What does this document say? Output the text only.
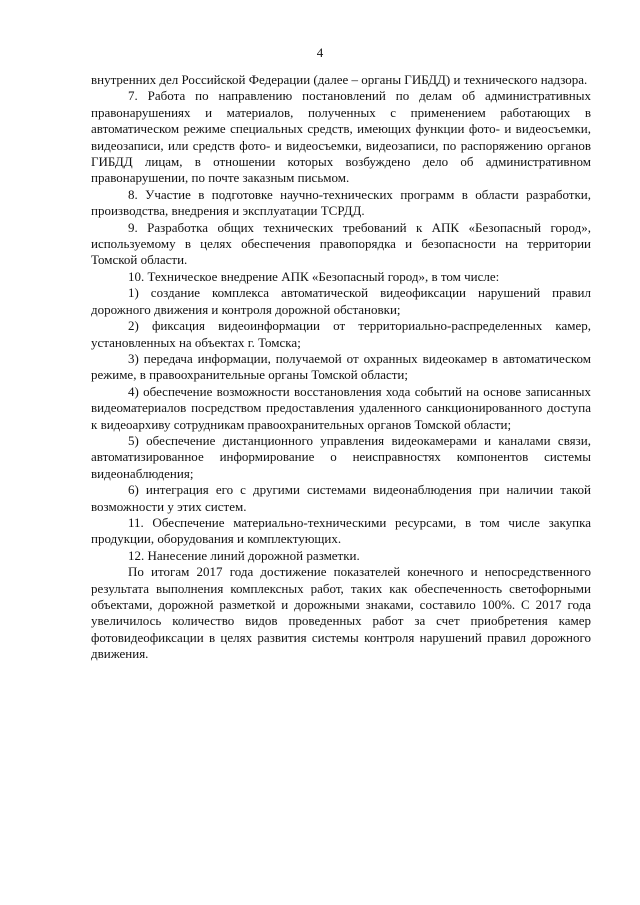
4

внутренних дел Российской Федерации (далее – органы ГИБДД) и технического надзора.

7. Работа по направлению постановлений по делам об административных правонарушениях и материалов, полученных с применением работающих в автоматическом режиме специальных средств, имеющих функции фото- и видеосъемки, видеозаписи, или средств фото- и видеосъемки, видеозаписи, по распоряжению органов ГИБДД лицам, в отношении которых возбуждено дело об административном правонарушении, по почте заказным письмом.

8. Участие в подготовке научно-технических программ в области разработки, производства, внедрения и эксплуатации ТСРДД.

9. Разработка общих технических требований к АПК «Безопасный город», используемому в целях обеспечения правопорядка и безопасности на территории Томской области.

10. Техническое внедрение АПК «Безопасный город», в том числе:

1) создание комплекса автоматической видеофиксации нарушений правил дорожного движения и контроля дорожной обстановки;

2) фиксация видеоинформации от территориально-распределенных камер, установленных на объектах г. Томска;

3) передача информации, получаемой от охранных видеокамер в автоматическом режиме, в правоохранительные органы Томской области;

4) обеспечение возможности восстановления хода событий на основе записанных видеоматериалов посредством предоставления удаленного санкционированного доступа к видеоархиву сотрудникам правоохранительных органов Томской области;

5) обеспечение дистанционного управления видеокамерами и каналами связи, автоматизированное информирование о неисправностях компонентов системы видеонаблюдения;

6) интеграция его с другими системами видеонаблюдения при наличии такой возможности у этих систем.

11. Обеспечение материально-техническими ресурсами, в том числе закупка продукции, оборудования и комплектующих.

12. Нанесение линий дорожной разметки.

По итогам 2017 года достижение показателей конечного и непосредственного результата выполнения комплексных работ, таких как обеспеченность светофорными объектами, дорожной разметкой и дорожными знаками, составило 100%. С 2017 года увеличилось количество видов проведенных работ за счет приобретения камер фотовидеофиксации в целях развития системы контроля нарушений правил дорожного движения.
